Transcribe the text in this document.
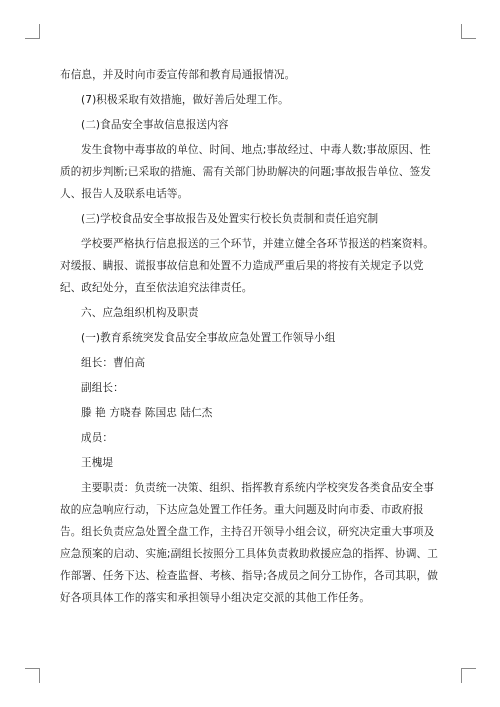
布信息，并及时向市委宣传部和教育局通报情况。

(7)积极采取有效措施，做好善后处理工作。

(二)食品安全事故信息报送内容

发生食物中毒事故的单位、时间、地点;事故经过、中毒人数;事故原因、性质的初步判断;已采取的措施、需有关部门协助解决的问题;事故报告单位、签发人、报告人及联系电话等。

(三)学校食品安全事故报告及处置实行校长负责制和责任追究制

学校要严格执行信息报送的三个环节，并建立健全各环节报送的档案资料。对缓报、瞒报、谎报事故信息和处置不力造成严重后果的将按有关规定予以党纪、政纪处分，直至依法追究法律责任。

六、应急组织机构及职责

(一)教育系统突发食品安全事故应急处置工作领导小组

组长：曹伯高

副组长：

滕 艳 方晓春 陈国忠 陆仁杰

成员：

王槐堤

主要职责：负责统一决策、组织、指挥教育系统内学校突发各类食品安全事故的应急响应行动，下达应急处置工作任务。重大问题及时向市委、市政府报告。组长负责应急处置全盘工作，主持召开领导小组会议，研究决定重大事项及应急预案的启动、实施;副组长按照分工具体负责救助救援应急的指挥、协调、工作部署、任务下达、检查监督、考核、指导;各成员之间分工协作，各司其职，做好各项具体工作的落实和承担领导小组决定交派的其他工作任务。
